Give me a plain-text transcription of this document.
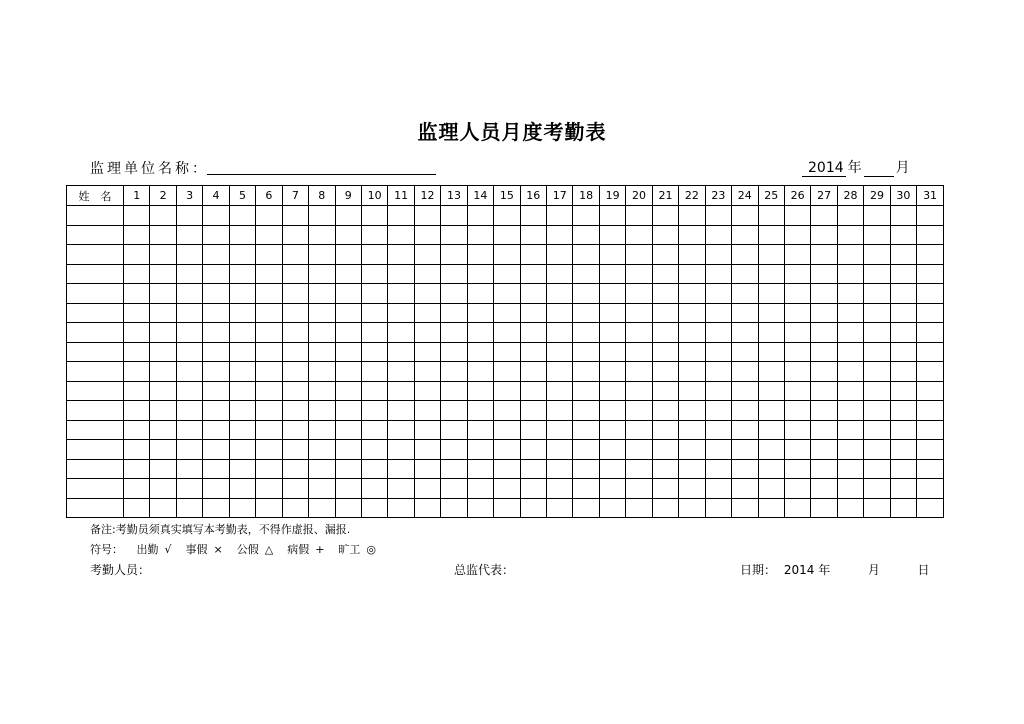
监理人员月度考勤表
监理单位名称：	2014 年 月
姓　名	1	2	3	4	5	6	7	8	9	10	11	12	13	14	15	16	17	18	19	20	21	22	23	24	25	26	27	28	29	30	31

备注:考勤员须真实填写本考勤表，不得作虚报、漏报.
符号： 出勤 √ 事假 × 公假 △ 病假 + 旷工 ◎
考勤人员：	总监代表：	日期： 2014 年	月	日
